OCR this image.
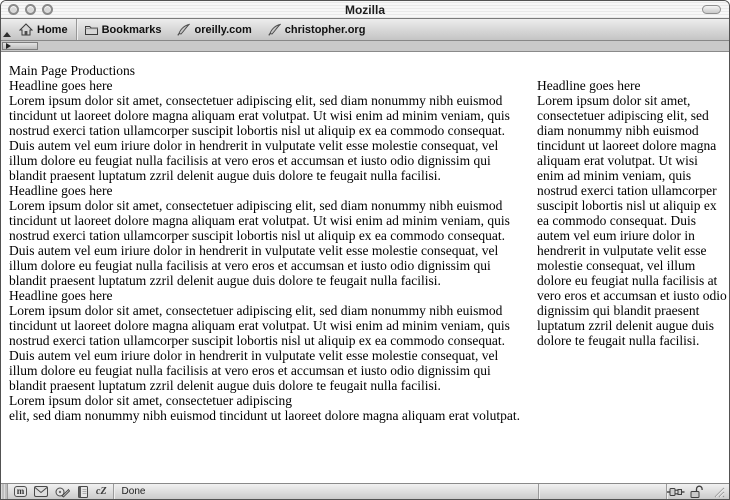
Mozilla
Home	Bookmarks	oreilly.com	christopher.org
Main Page Productions
Headline goes here
Lorem ipsum dolor sit amet, consectetuer adipiscing elit, sed diam nonummy nibh euismod tincidunt ut laoreet dolore magna aliquam erat volutpat. Ut wisi enim ad minim veniam, quis nostrud exerci tation ullamcorper suscipit lobortis nisl ut aliquip ex ea commodo consequat. Duis autem vel eum iriure dolor in hendrerit in vulputate velit esse molestie consequat, vel illum dolore eu feugiat nulla facilisis at vero eros et accumsan et iusto odio dignissim qui blandit praesent luptatum zzril delenit augue duis dolore te feugait nulla facilisi.
Headline goes here
Lorem ipsum dolor sit amet, consectetuer adipiscing elit, sed diam nonummy nibh euismod tincidunt ut laoreet dolore magna aliquam erat volutpat. Ut wisi enim ad minim veniam, quis nostrud exerci tation ullamcorper suscipit lobortis nisl ut aliquip ex ea commodo consequat. Duis autem vel eum iriure dolor in hendrerit in vulputate velit esse molestie consequat, vel illum dolore eu feugiat nulla facilisis at vero eros et accumsan et iusto odio dignissim qui blandit praesent luptatum zzril delenit augue duis dolore te feugait nulla facilisi.
Headline goes here
Lorem ipsum dolor sit amet, consectetuer adipiscing elit, sed diam nonummy nibh euismod tincidunt ut laoreet dolore magna aliquam erat volutpat. Ut wisi enim ad minim veniam, quis nostrud exerci tation ullamcorper suscipit lobortis nisl ut aliquip ex ea commodo consequat. Duis autem vel eum iriure dolor in hendrerit in vulputate velit esse molestie consequat, vel illum dolore eu feugiat nulla facilisis at vero eros et accumsan et iusto odio dignissim qui blandit praesent luptatum zzril delenit augue duis dolore te feugait nulla facilisi.
Lorem ipsum dolor sit amet, consectetuer adipiscing
elit, sed diam nonummy nibh euismod tincidunt ut laoreet dolore magna aliquam erat volutpat.
Headline goes here
Lorem ipsum dolor sit amet, consectetuer adipiscing elit, sed diam nonummy nibh euismod tincidunt ut laoreet dolore magna aliquam erat volutpat. Ut wisi enim ad minim veniam, quis nostrud exerci tation ullamcorper suscipit lobortis nisl ut aliquip ex ea commodo consequat. Duis autem vel eum iriure dolor in hendrerit in vulputate velit esse molestie consequat, vel illum dolore eu feugiat nulla facilisis at vero eros et accumsan et iusto odio dignissim qui blandit praesent luptatum zzril delenit augue duis dolore te feugait nulla facilisi.
m	cZ	Done
